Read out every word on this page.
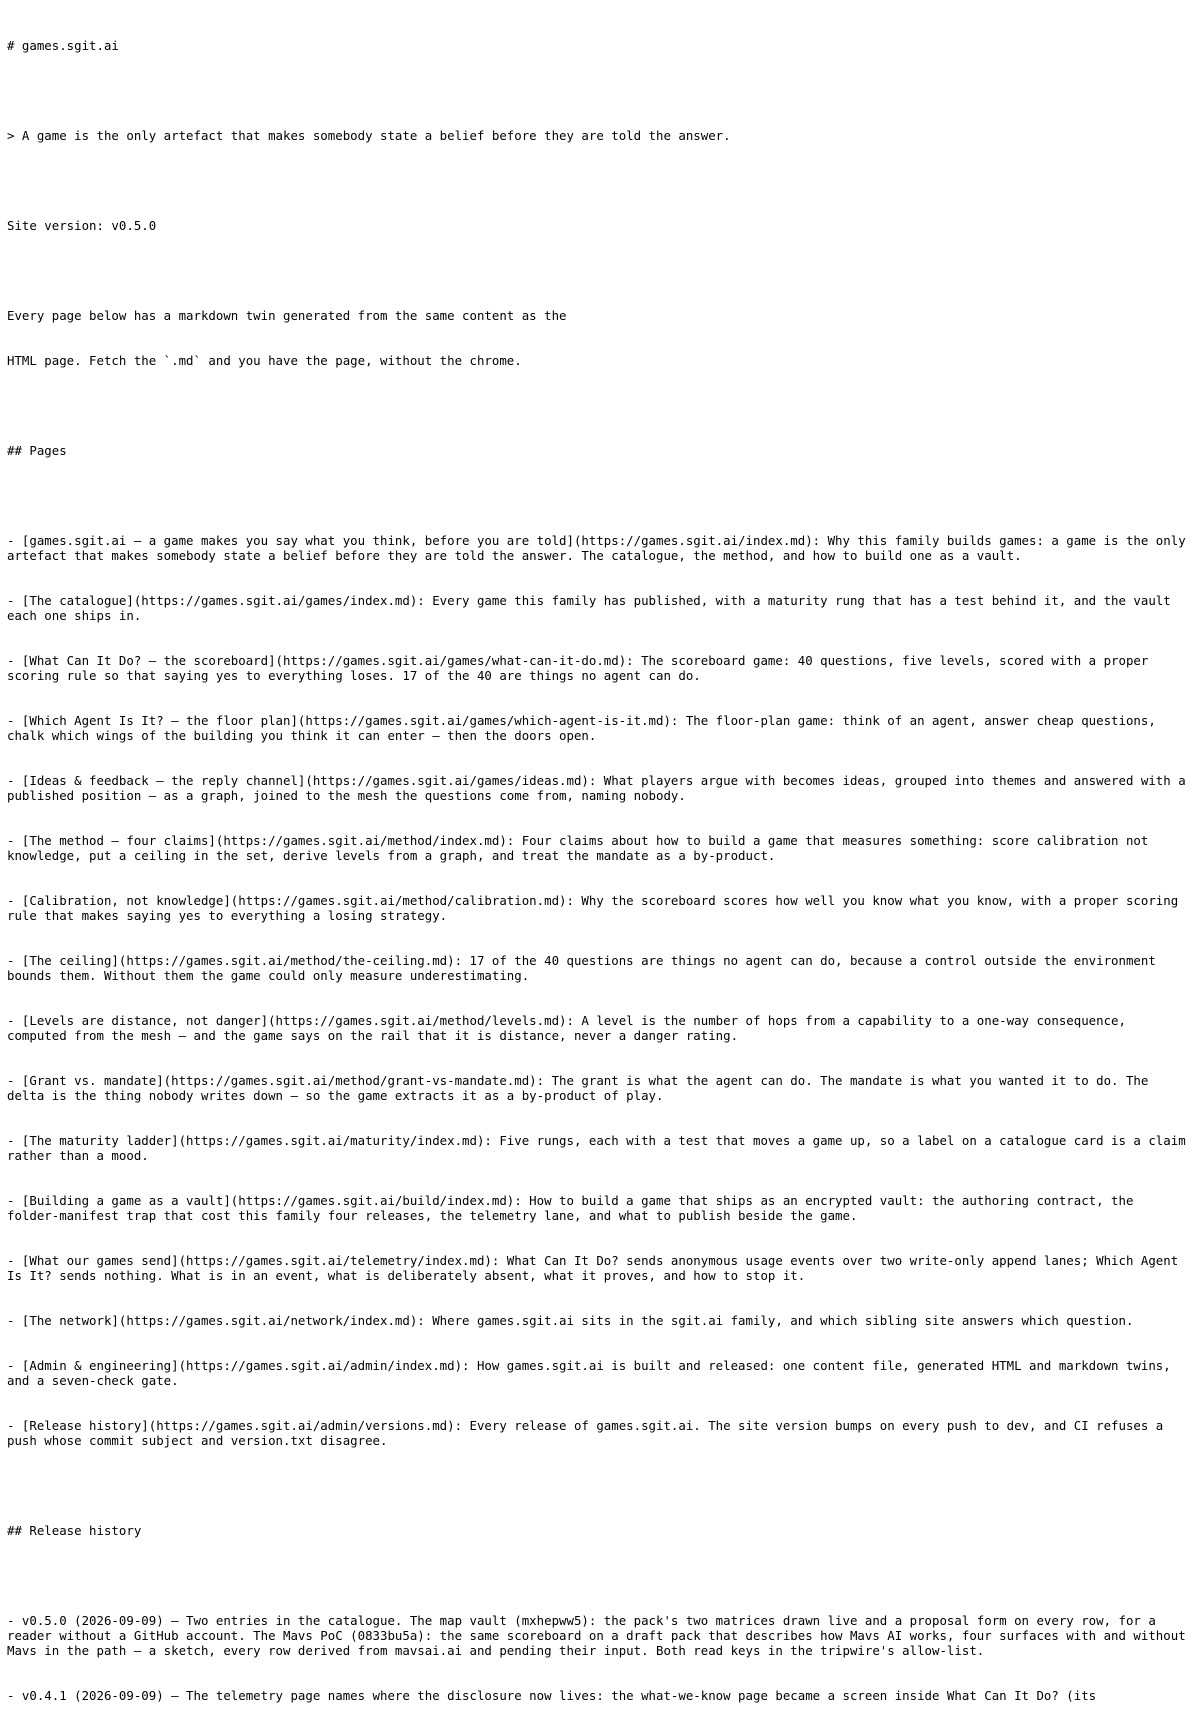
# games.sgit.ai

> A game is the only artefact that makes somebody state a belief before they are told the answer.

Site version: v0.5.0

Every page below has a markdown twin generated from the same content as the

HTML page. Fetch the `.md` and you have the page, without the chrome.

## Pages

- [games.sgit.ai — a game makes you say what you think, before you are told](https://games.sgit.ai/index.md): Why this family builds games: a game is the only artefact that makes somebody state a belief before they are told the answer. The catalogue, the method, and how to build one as a vault.

- [The catalogue](https://games.sgit.ai/games/index.md): Every game this family has published, with a maturity rung that has a test behind it, and the vault each one ships in.

- [What Can It Do? — the scoreboard](https://games.sgit.ai/games/what-can-it-do.md): The scoreboard game: 40 questions, five levels, scored with a proper scoring rule so that saying yes to everything loses. 17 of the 40 are things no agent can do.

- [Which Agent Is It? — the floor plan](https://games.sgit.ai/games/which-agent-is-it.md): The floor-plan game: think of an agent, answer cheap questions, chalk which wings of the building you think it can enter — then the doors open.

- [Ideas & feedback — the reply channel](https://games.sgit.ai/games/ideas.md): What players argue with becomes ideas, grouped into themes and answered with a published position — as a graph, joined to the mesh the questions come from, naming nobody.

- [The method — four claims](https://games.sgit.ai/method/index.md): Four claims about how to build a game that measures something: score calibration not knowledge, put a ceiling in the set, derive levels from a graph, and treat the mandate as a by-product.

- [Calibration, not knowledge](https://games.sgit.ai/method/calibration.md): Why the scoreboard scores how well you know what you know, with a proper scoring rule that makes saying yes to everything a losing strategy.

- [The ceiling](https://games.sgit.ai/method/the-ceiling.md): 17 of the 40 questions are things no agent can do, because a control outside the environment bounds them. Without them the game could only measure underestimating.

- [Levels are distance, not danger](https://games.sgit.ai/method/levels.md): A level is the number of hops from a capability to a one-way consequence, computed from the mesh — and the game says on the rail that it is distance, never a danger rating.

- [Grant vs. mandate](https://games.sgit.ai/method/grant-vs-mandate.md): The grant is what the agent can do. The mandate is what you wanted it to do. The delta is the thing nobody writes down — so the game extracts it as a by-product of play.

- [The maturity ladder](https://games.sgit.ai/maturity/index.md): Five rungs, each with a test that moves a game up, so a label on a catalogue card is a claim rather than a mood.

- [Building a game as a vault](https://games.sgit.ai/build/index.md): How to build a game that ships as an encrypted vault: the authoring contract, the folder-manifest trap that cost this family four releases, the telemetry lane, and what to publish beside the game.

- [What our games send](https://games.sgit.ai/telemetry/index.md): What Can It Do? sends anonymous usage events over two write-only append lanes; Which Agent Is It? sends nothing. What is in an event, what is deliberately absent, what it proves, and how to stop it.

- [The network](https://games.sgit.ai/network/index.md): Where games.sgit.ai sits in the sgit.ai family, and which sibling site answers which question.

- [Admin & engineering](https://games.sgit.ai/admin/index.md): How games.sgit.ai is built and released: one content file, generated HTML and markdown twins, and a seven-check gate.

- [Release history](https://games.sgit.ai/admin/versions.md): Every release of games.sgit.ai. The site version bumps on every push to dev, and CI refuses a push whose commit subject and version.txt disagree.

## Release history

- v0.5.0 (2026-09-09) — Two entries in the catalogue. The map vault (mxhepww5): the pack's two matrices drawn live and a proposal form on every row, for a reader without a GitHub account. The Mavs PoC (0833bu5a): the same scoreboard on a draft pack that describes how Mavs AI works, four surfaces with and without Mavs in the path — a sketch, every row derived from mavsai.ai and pending their input. Both read keys in the tripwire's allow-list.

- v0.4.1 (2026-09-09) — The telemetry page names where the disclosure now lives: the what-we-know page became a screen inside What Can It Do? (its
